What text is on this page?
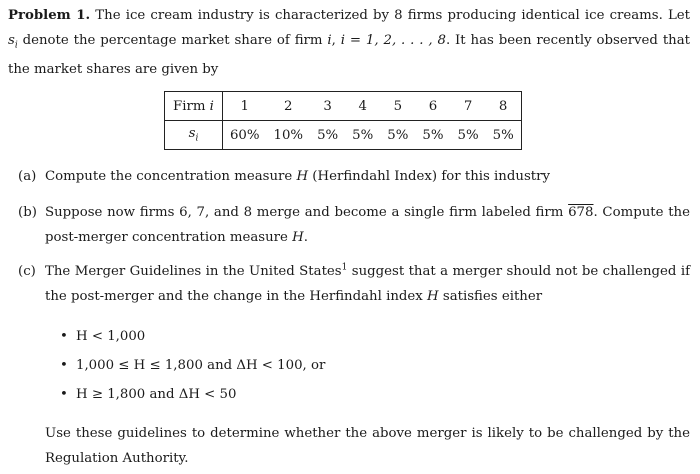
Problem 1. The ice cream industry is characterized by 8 firms producing identical ice creams. Let $s_i$ denote the percentage market share of firm i, i = 1, 2, . . . , 8. It has been recently observed that the market shares are given by
Firm i	1	2	3	4	5	6	7	8
$s_i$	60%	10%	5%	5%	5%	5%	5%	5%
(a) Compute the concentration measure H (Herfindahl Index) for this industry
(b) Suppose now firms 6, 7, and 8 merge and become a single firm labeled firm 678. Compute the post-merger concentration measure H.
(c) The Merger Guidelines in the United States$^1$ suggest that a merger should not be challenged if the post-merger and the change in the Herfindahl index H satisfies either
• H < 1,000
• 1,000 ≤ H ≤ 1,800 and ΔH < 100, or
• H ≥ 1,800 and ΔH < 50
Use these guidelines to determine whether the above merger is likely to be challenged by the Regulation Authority.
